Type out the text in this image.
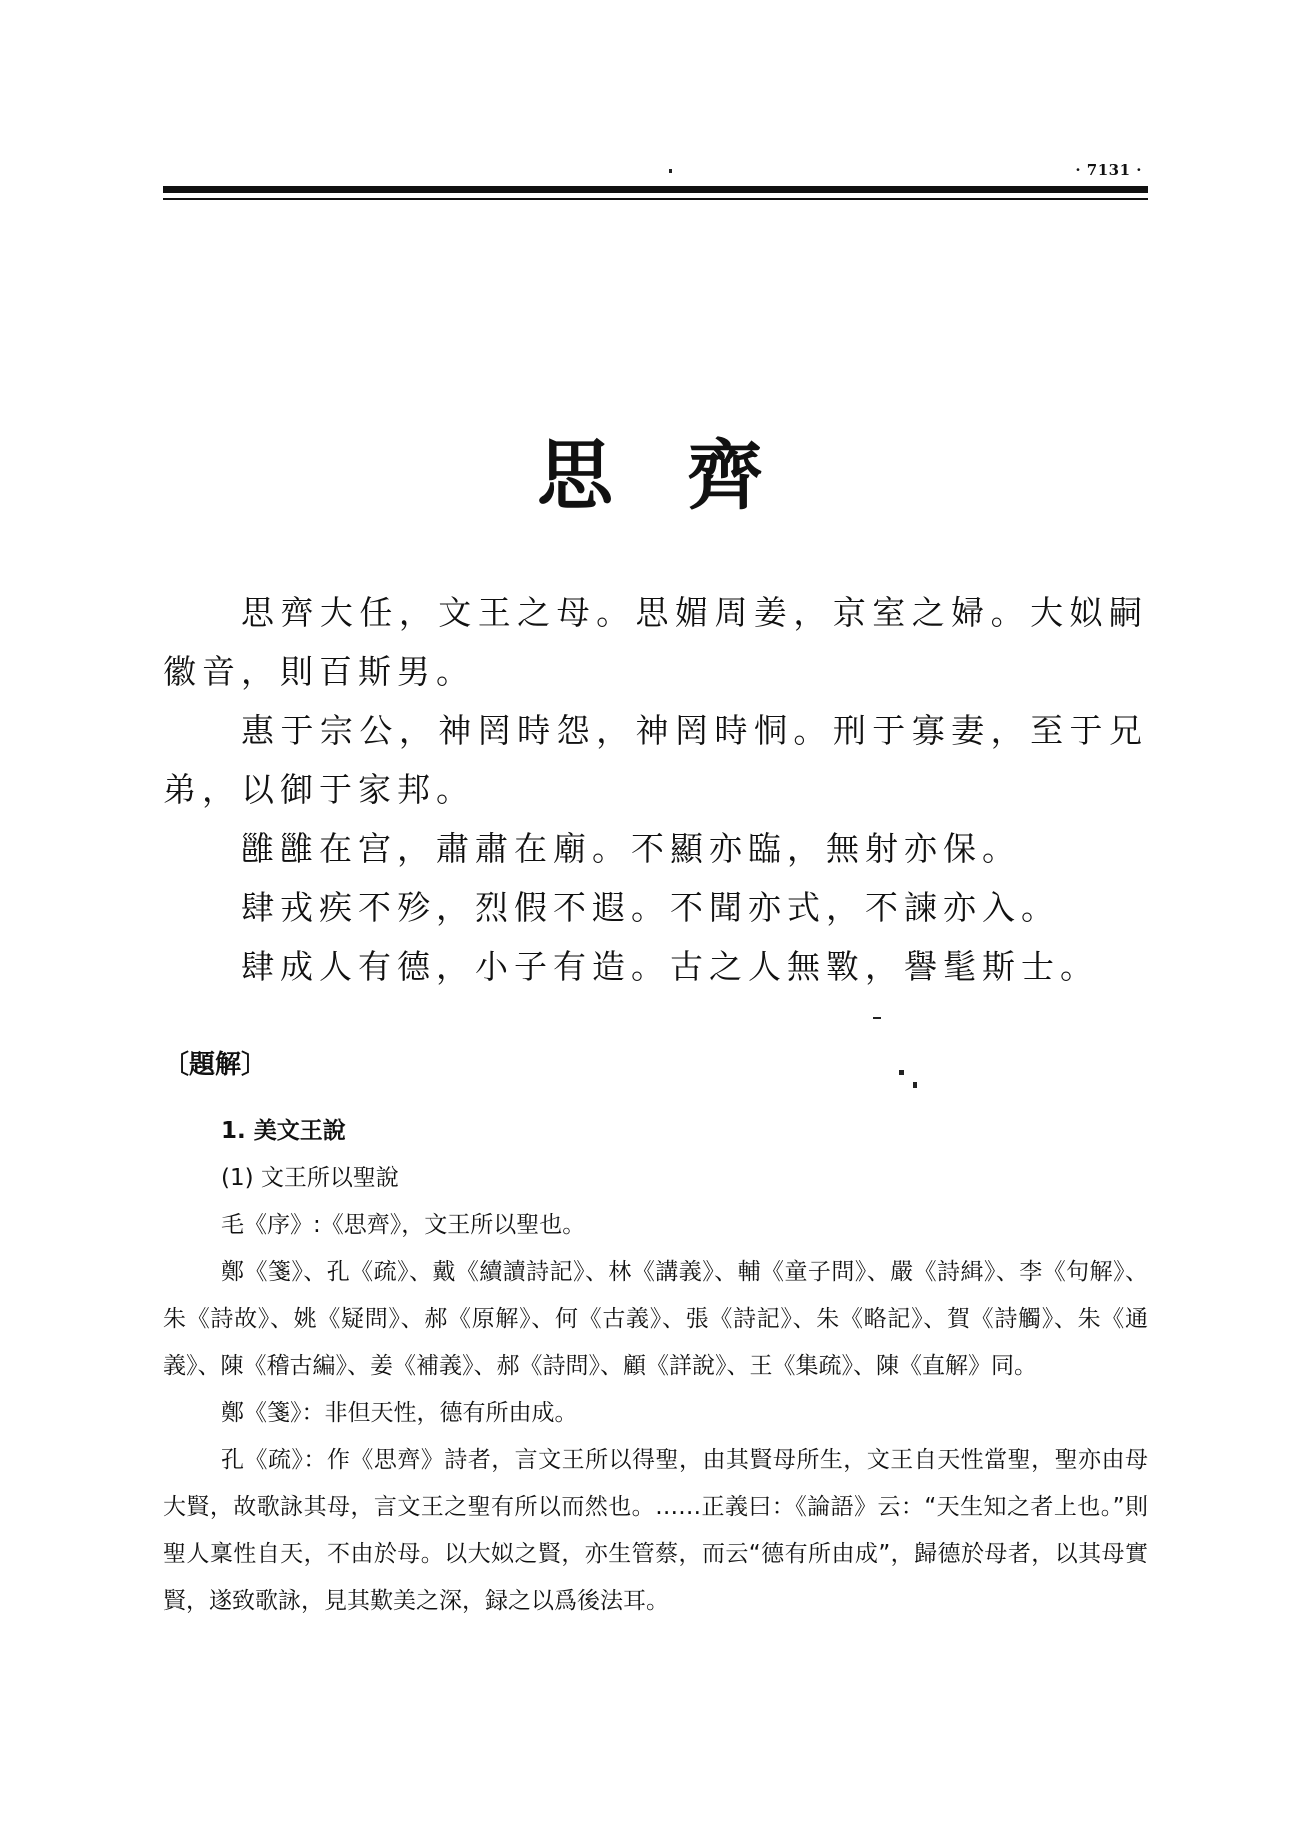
· 7131 ·
思齊

思齊大任，文王之母。思媚周姜，京室之婦。大姒嗣徽音，則百斯男。

惠于宗公，神罔時怨，神罔時恫。刑于寡妻，至于兄弟，以御于家邦。

雝雝在宫，肅肅在廟。不顯亦臨，無射亦保。

肆戎疾不殄，烈假不遐。不聞亦式，不諫亦入。

肆成人有德，小子有造。古之人無斁，譽髦斯士。

〔題解〕

1. 美文王說

(1) 文王所以聖說

毛《序》:《思齊》，文王所以聖也。

鄭《箋》、孔《疏》、戴《續讀詩記》、林《講義》、輔《童子問》、嚴《詩緝》、李《句解》、朱《詩故》、姚《疑問》、郝《原解》、何《古義》、張《詩記》、朱《略記》、賀《詩觸》、朱《通義》、陳《稽古編》、姜《補義》、郝《詩問》、顧《詳說》、王《集疏》、陳《直解》同。

鄭《箋》：非但天性，德有所由成。

孔《疏》：作《思齊》詩者，言文王所以得聖，由其賢母所生，文王自天性當聖，聖亦由母大賢，故歌詠其母，言文王之聖有所以而然也。……正義曰：《論語》云：“天生知之者上也。”則聖人稟性自天，不由於母。以大姒之賢，亦生管蔡，而云“德有所由成”，歸德於母者，以其母實賢，遂致歌詠，見其歎美之深，録之以爲後法耳。
